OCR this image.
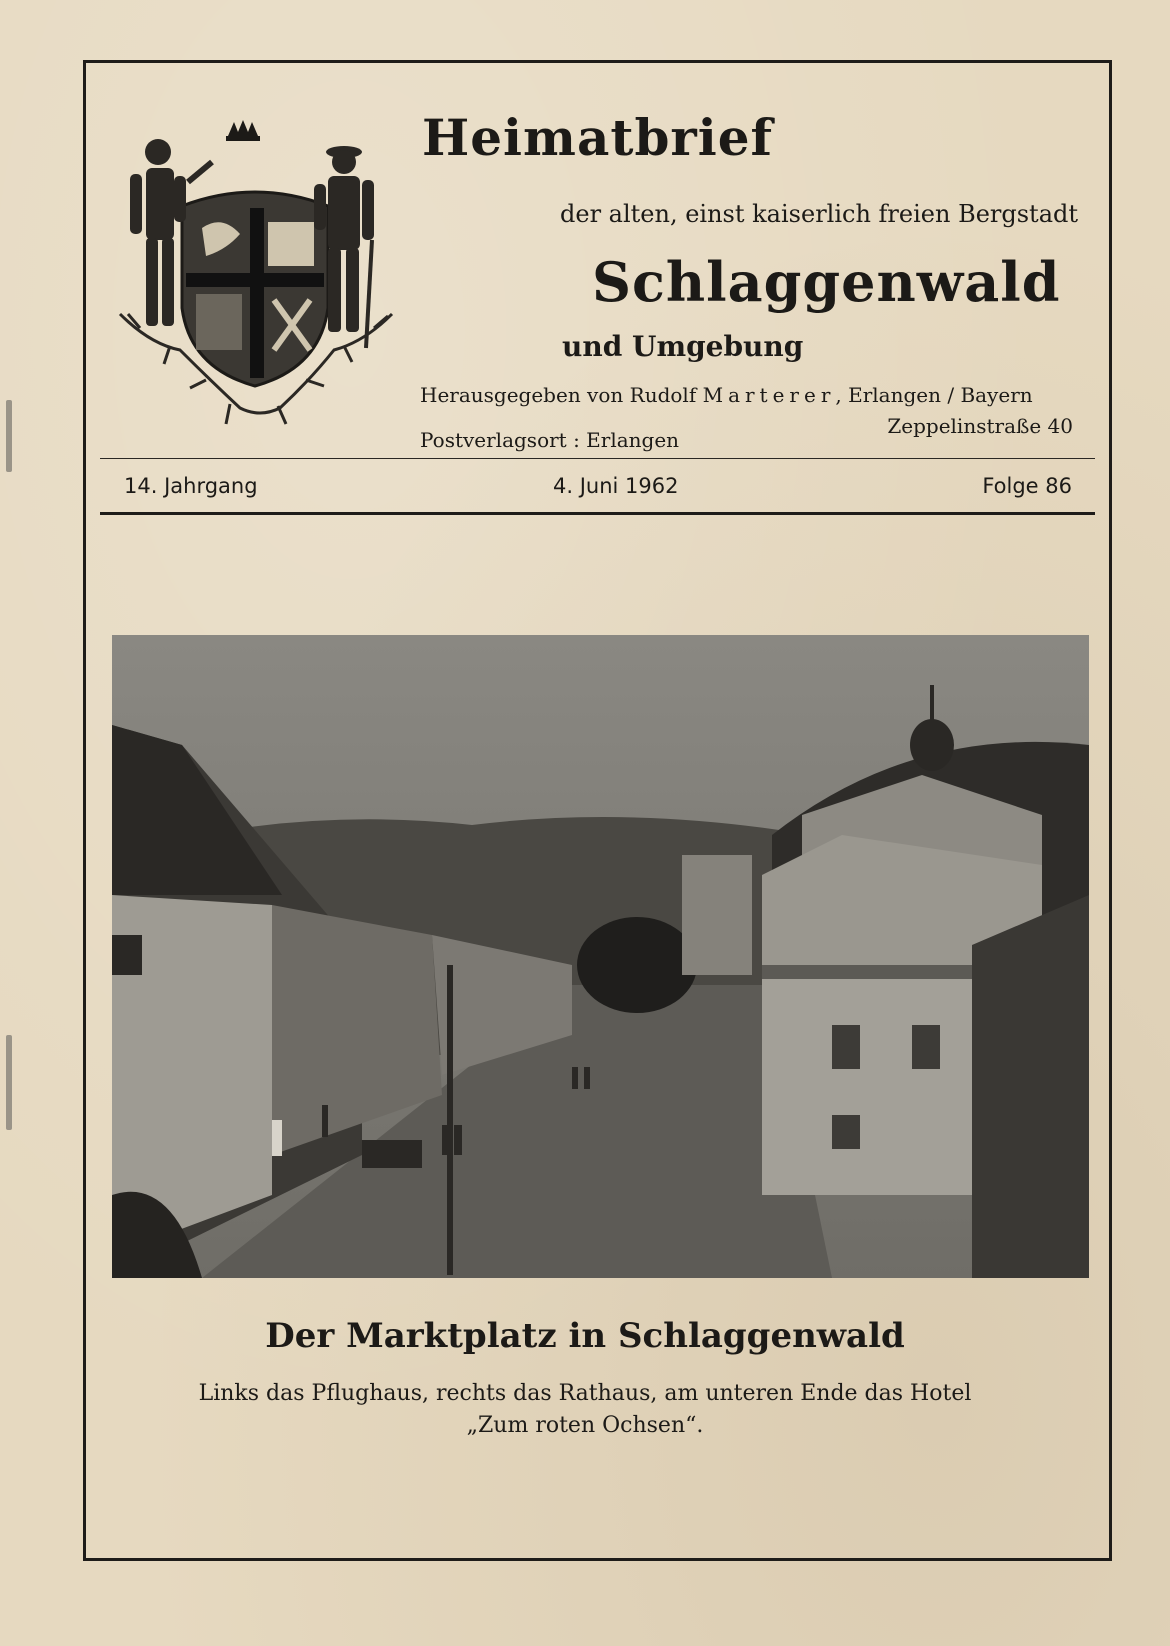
Heimatbrief
der alten, einst kaiserlich freien Bergstadt
Schlaggenwald
und Umgebung
Herausgegeben von Rudolf Marterer, Erlangen / Bayern
Zeppelinstraße 40
Postverlagsort : Erlangen
14. Jahrgang	4. Juni 1962	Folge 86
Der Marktplatz in Schlaggenwald
Links das Pflughaus, rechts das Rathaus, am unteren Ende das Hotel
„Zum roten Ochsen“.
